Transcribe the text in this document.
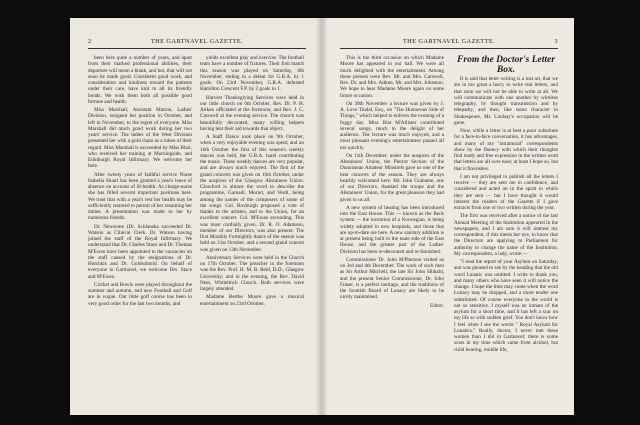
2	THE GARTNAVEL GAZETTE.

been here quite a number of years, and apart from their marked professional abilities, their departure will mean a blank, and but, that will not soon be made good. Consistent good work, and consideration and kindness toward the patients under their care, have knit to all its friendly bonds. We wish them both all possible good fortune and health.

Miss Marshall, Assistant Matron, Ladies' Division, resigned her position in October, and left in November, to the regret of everyone. Miss Marshall did much good work during her two years' service. The ladies of the West Division presented her with a gold chain as a token of their regard. Miss Marshall is succeeded by Miss Blair, who received her training at Morningside, and Edinburgh Royal Infirmary. We welcome her here.

After twenty years of faithful service Nurse Isabella Stuart has been granted a year's leave of absence on account of ill-health. As charge-nurse she has filled several important positions here. We trust that with a year's rest her health may be sufficiently restored to permit of her resuming her duties. A presentation was made to her by numerous friends.

Dr. Newsome (Dr. Schlanska succeeded Dr. Watson as Clinical Clerk. Dr. Watson having joined the staff of the Royal Infirmary. We understand that Dr. Charles Stace and Dr. Thomas M'Ewen have been appointed to the vacancies on the staff caused by the resignations of Dr. Hotchkis and Dr. Goldschmid. On behalf of everyone in Gartnavel, we welcome Drs. Stace and M'Ewen.

Cricket and Bowls were played throughout the summer and autumn, and new Football and Golf are in vogue. Our little golf course has been in very good order for the last two months, and

yields excellent play and exercise. The football team have a number of fixtures. Their first match this season was played on Saturday, 8th November, ending in a defeat for G.R.A. by 1 goals. On 23rd November, G.R.A. defeated Hamilton Crescent F.P. by 2 goals to 1.

Harvest Thanksgiving Services were held in our little church on 6th October, Rev. Dr. P. H. Aitken officiated at the forenoon, and Rev. J. C. Carswell at the evening service. The church was beautifully decorated, many willing helpers having lent their aid towards that object.

A Staff Dance took place on 9th October, when a very enjoyable evening was spent; and on 16th October the first of this season's weekly dances was held, the G.R.A. band contributing the music. These weekly dances are very popular, and are always much enjoyed. The first of the grand concerts was given on 16th October, under the auspices of the Glasgow Abstainers Union. Glowford is almost the word to describe the programme, Garnadi, Morart, and Verdi, being among the names of the composers of some of the songs. Col. Roxburgh proposed a vote of thanks to the artistes, and to the Union, for an excellent concert. Col. M'Ewan seconding. This was most cordially given. Dr. R. O. Adamson, member of our Directors, was also present. The first Monthly Fortnightly dance of the season was held on 21st October, and a second grand concert was given on 13th November.

Anniversary Services were held in the Church on 17th October. The preacher in the forenoon was the Rev. Prof. H. M. B. Reid, D.D., Glasgow University; and in the evening, the Rev. David Ness, Whitelinch Church. Both services were largely attended.

Madame Berthe Moore gave a musical entertainment on 23rd October.

THE GARTNAVEL GAZETTE.	3

This is the third occasion on which Madame Moore has appeared in our hall. We were all much delighted with the entertainment. Among those present were Rev. Mr. and Mrs. Carswell, Rev. Dr. and Mrs. Aitken, Mr. and Mrs. Johnston. We hope to hear Madame Moore again on some future occasion.

On 30th November a lecture was given by J. A. Love Tindal, Esq., on "The Humorous Side of Things," which helped to enliven the evening of a foggy day. Miss Rita M'Allister contributed several songs, much to the delight of her audience. The lecture was much enjoyed, and a most pleasant evening's entertainment passed all too quickly.

On 11th December, under the auspices of the Abstainers' Union, the Pierrot Section of the Dunoistean Amateur Minstrels gave us one of the best concerts of the season. They are always heartily welcomed here. Mr. John Grabame, one of our Directors, thanked the troupe and the Abstainers' Union, for the great pleasure they had given to us all.

A new system of heating has been introduced into the East House. This — known as the Beck system — the invention of a Norwegian, is being widely adopted in new hospitals, and those that are up-to-date are here. A new sanitary addition is at present being built to the male side of the East House, and the greater part of the Ladies' Division has been re-decorated and re-furnished.

Commissioner Dr. John M'Pherson visited us on 3rd and 4th December. The work of such men as Sir Arthur Mitchell, the late Sir John Sibbald, and the present Senior Commissioner, Dr. John Fraser, is a perfect heritage, and the traditions of the Scottish Board of Lunacy are likely to be nicely maintained.

Editor.

From the Doctor's Letter Box.

It is said that letter writing is a lost art, that we are in too great a hurry to write real letters, and that soon we will not be able to write at all. We will communicate with one another by wireless telegraphy, by thought transmission and by telepathy, and then, like some character in Shakespeare, Mr. Lindsay's occupation will be gone.

Now, while a letter is at best a poor substitute for a face-to-face conversation, it has advantages, and many of my "intramural" correspondents show by the fluency with which their thoughts find ready and free expression in the written word that letters are all over ease; at least I hope so, but that it flourishes.

I am not privileged to publish all the letters I receive — they are sent me in confidence, and considered and acted on in the spirit in which they are sent — but I have thought it would interest the readers of the Gazette if I gave extracts from one or two written during the year.

The first was received after a notice of the last Annual Meeting of the Institution appeared in the newspapers, and I am sure it will interest my correspondent, if this meets her eye, to know that the Directors are applying to Parliament for authority to change the name of the Institution. My correspondent, a lady, wrote:—

"I read the report of your Asylum on Saturday, and was pleased to see by the heading that the old word Lunatic was omitted. I write to thank you, and many others who have seen it will notice the change. I hope the time may come when the word Lunacy may be dropped, and a more tender one substituted. Of course everyone in the world is not so sensitive. I myself was an inmate of the asylum for a short time, and it has left a scar on my life so with sudden grief. You don't know how I feel when I see the words " Royal Asylum for Lunatics." Really, doctor, I never met these women than I did in Gartnavel; there is some scars in my time which came from alcohol, but child bearing, middle life,
